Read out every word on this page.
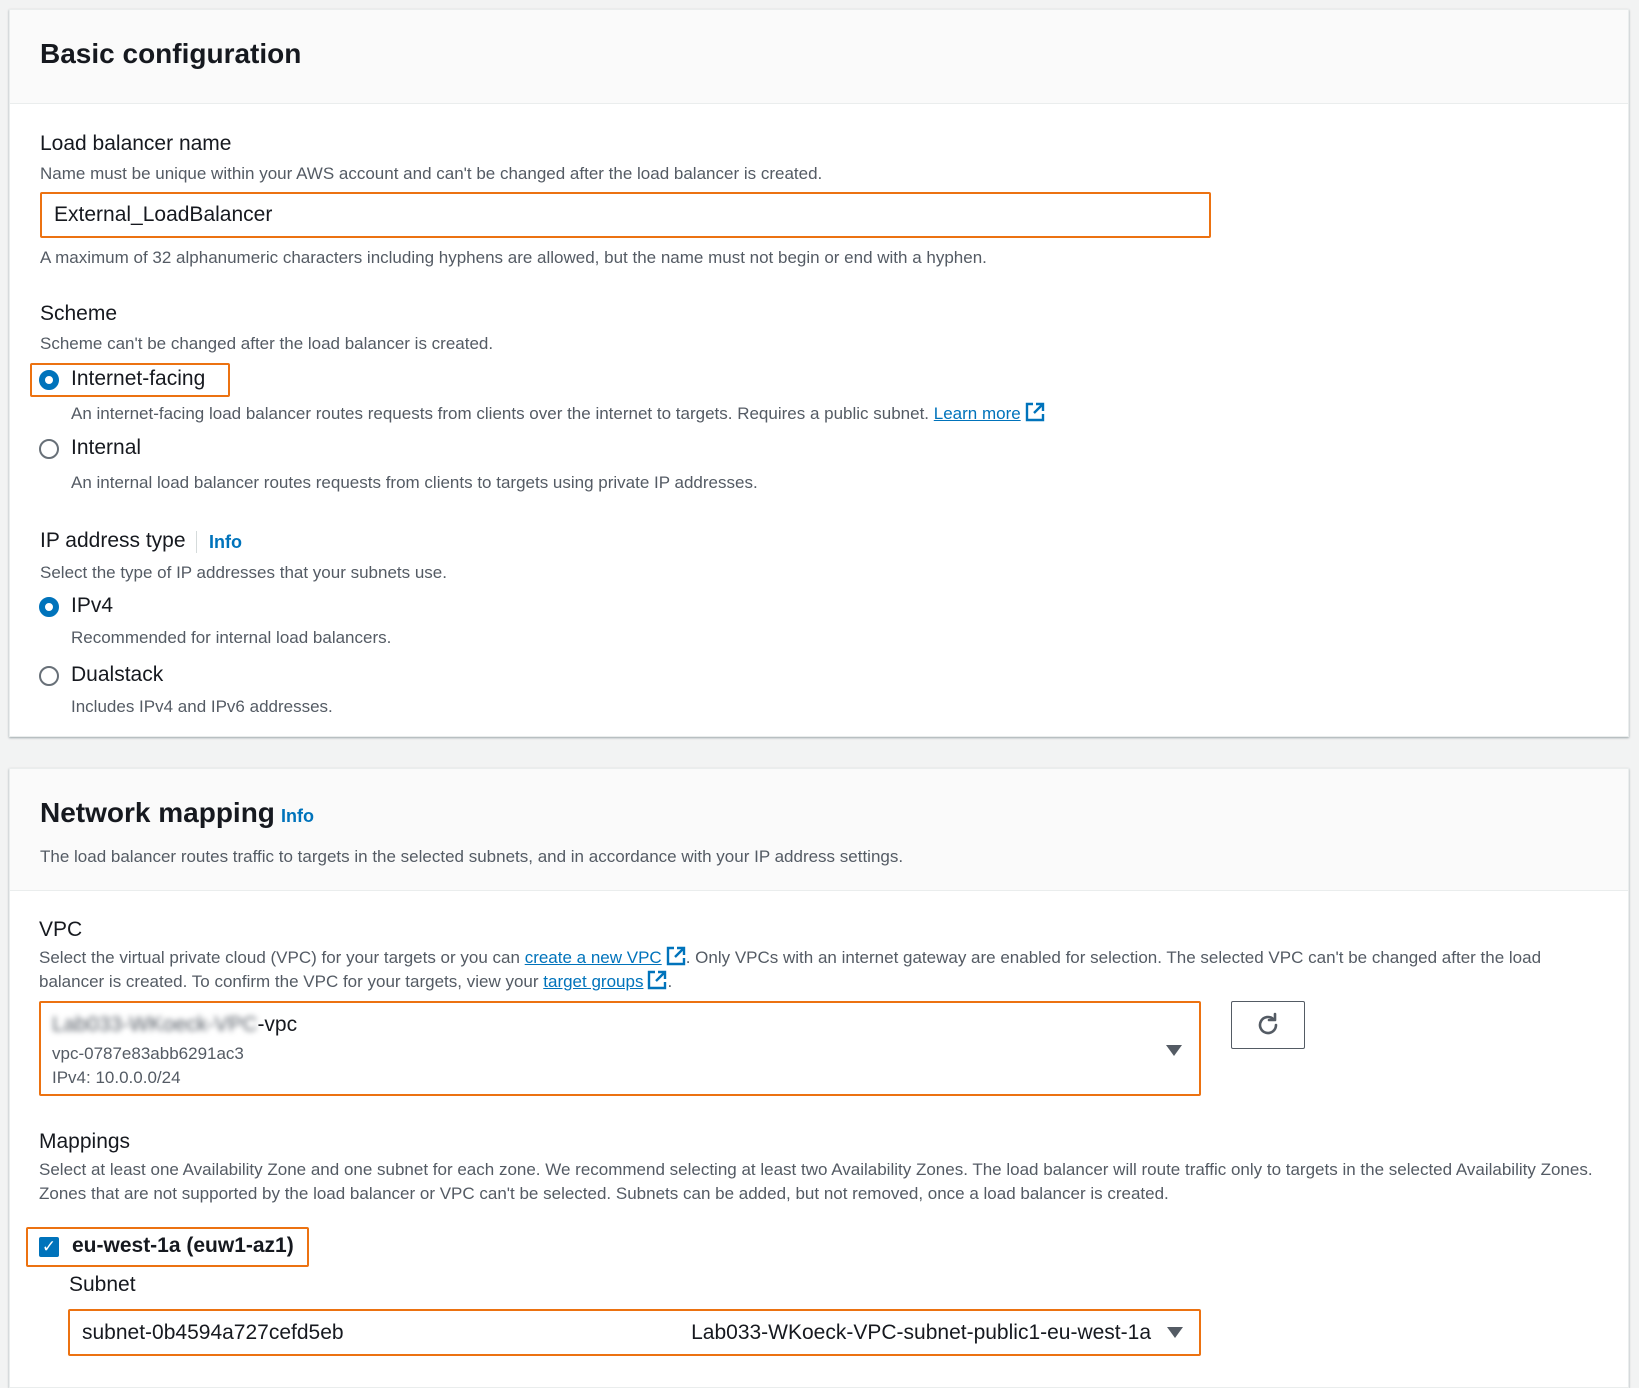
Basic configuration
Load balancer name
Name must be unique within your AWS account and can't be changed after the load balancer is created.
External_LoadBalancer
A maximum of 32 alphanumeric characters including hyphens are allowed, but the name must not begin or end with a hyphen.
Scheme
Scheme can't be changed after the load balancer is created.
Internet-facing
An internet-facing load balancer routes requests from clients over the internet to targets. Requires a public subnet. Learn more
Internal
An internal load balancer routes requests from clients to targets using private IP addresses.
IP address type Info
Select the type of IP addresses that your subnets use.
IPv4
Recommended for internal load balancers.
Dualstack
Includes IPv4 and IPv6 addresses.
Network mapping Info
The load balancer routes traffic to targets in the selected subnets, and in accordance with your IP address settings.
VPC
Select the virtual private cloud (VPC) for your targets or you can create a new VPC . Only VPCs with an internet gateway are enabled for selection. The selected VPC can't be changed after the load balancer is created. To confirm the VPC for your targets, view your target groups .
Lab033-WKoeck-VPC-vpc
vpc-0787e83abb6291ac3
IPv4: 10.0.0.0/24
Mappings
Select at least one Availability Zone and one subnet for each zone. We recommend selecting at least two Availability Zones. The load balancer will route traffic only to targets in the selected Availability Zones. Zones that are not supported by the load balancer or VPC can't be selected. Subnets can be added, but not removed, once a load balancer is created.
✓ eu-west-1a (euw1-az1)
Subnet
subnet-0b4594a727cefd5eb	Lab033-WKoeck-VPC-subnet-public1-eu-west-1a
